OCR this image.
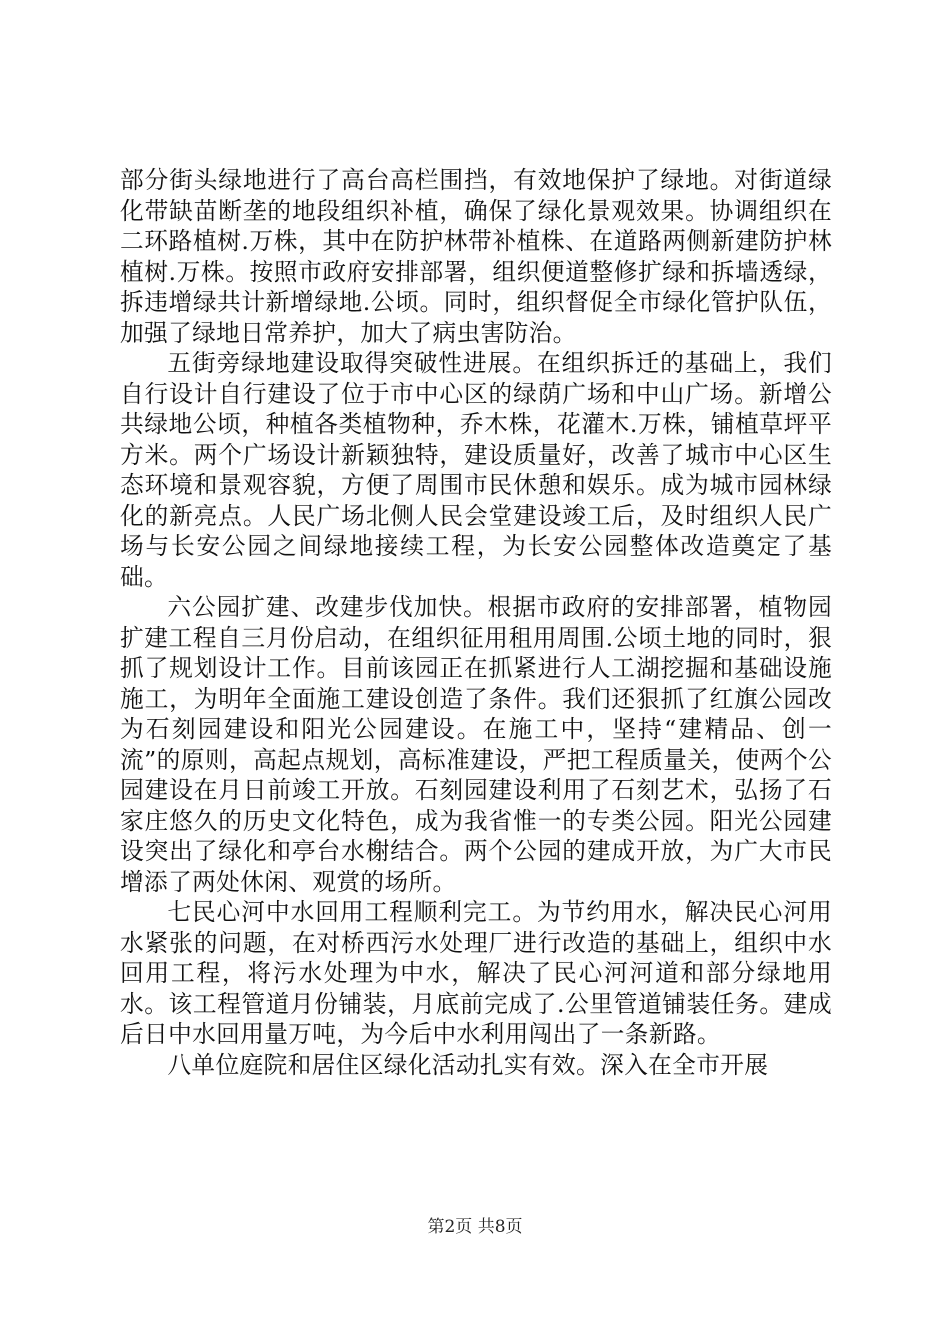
部分街头绿地进行了高台高栏围挡，有效地保护了绿地。对街道绿化带缺苗断垄的地段组织补植，确保了绿化景观效果。协调组织在二环路植树.万株，其中在防护林带补植株、在道路两侧新建防护林植树.万株。按照市政府安排部署，组织便道整修扩绿和拆墙透绿，拆违增绿共计新增绿地.公顷。同时，组织督促全市绿化管护队伍，加强了绿地日常养护，加大了病虫害防治。

五街旁绿地建设取得突破性进展。在组织拆迁的基础上，我们自行设计自行建设了位于市中心区的绿荫广场和中山广场。新增公共绿地公顷，种植各类植物种，乔木株，花灌木.万株，铺植草坪平方米。两个广场设计新颖独特，建设质量好，改善了城市中心区生态环境和景观容貌，方便了周围市民休憩和娱乐。成为城市园林绿化的新亮点。人民广场北侧人民会堂建设竣工后，及时组织人民广场与长安公园之间绿地接续工程，为长安公园整体改造奠定了基础。

六公园扩建、改建步伐加快。根据市政府的安排部署，植物园扩建工程自三月份启动，在组织征用租用周围.公顷土地的同时，狠抓了规划设计工作。目前该园正在抓紧进行人工湖挖掘和基础设施施工，为明年全面施工建设创造了条件。我们还狠抓了红旗公园改为石刻园建设和阳光公园建设。在施工中，坚持“建精品、创一流”的原则，高起点规划，高标准建设，严把工程质量关，使两个公园建设在月日前竣工开放。石刻园建设利用了石刻艺术，弘扬了石家庄悠久的历史文化特色，成为我省惟一的专类公园。阳光公园建设突出了绿化和亭台水榭结合。两个公园的建成开放，为广大市民增添了两处休闲、观赏的场所。

七民心河中水回用工程顺利完工。为节约用水，解决民心河用水紧张的问题，在对桥西污水处理厂进行改造的基础上，组织中水回用工程，将污水处理为中水，解决了民心河河道和部分绿地用水。该工程管道月份铺装，月底前完成了.公里管道铺装任务。建成后日中水回用量万吨，为今后中水利用闯出了一条新路。

八单位庭院和居住区绿化活动扎实有效。深入在全市开展

第2页 共8页
